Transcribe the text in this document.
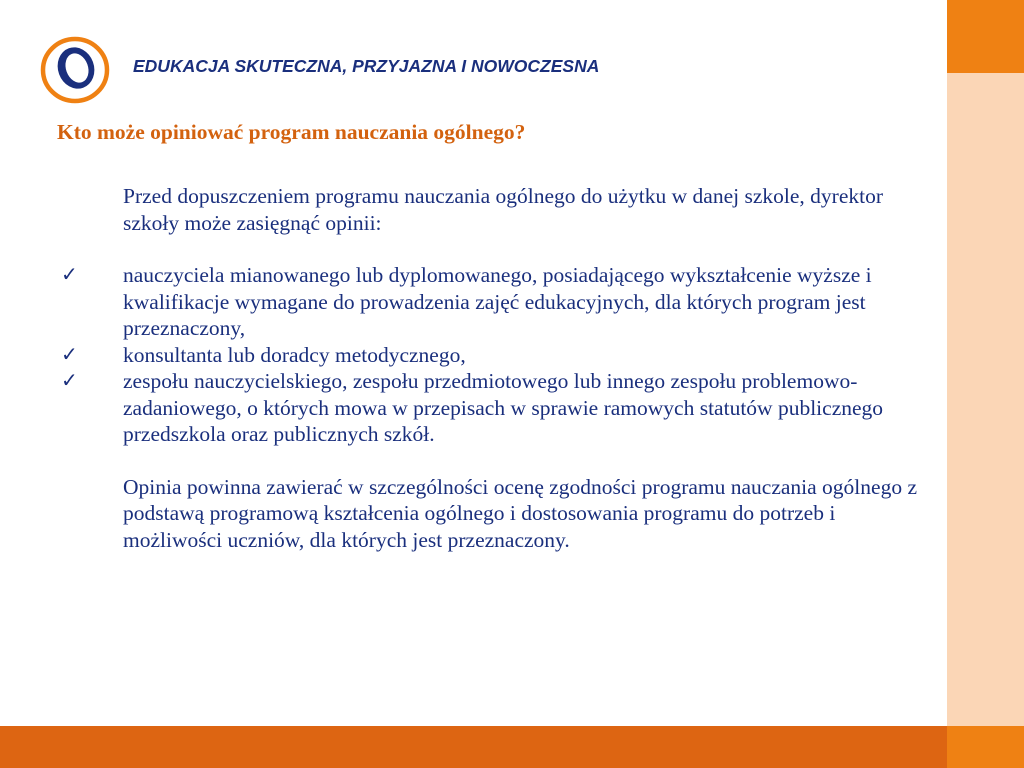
EDUKACJA SKUTECZNA, PRZYJAZNA I NOWOCZESNA
Kto może opiniować program nauczania ogólnego?

Przed dopuszczeniem programu nauczania ogólnego do użytku w danej szkole, dyrektor szkoły może zasięgnąć opinii:

✓ nauczyciela mianowanego lub dyplomowanego, posiadającego wykształcenie wyższe i kwalifikacje wymagane do prowadzenia zajęć edukacyjnych, dla których program jest przeznaczony,
✓ konsultanta lub doradcy metodycznego,
✓ zespołu nauczycielskiego, zespołu przedmiotowego lub innego zespołu problemowo-zadaniowego, o których mowa w przepisach w sprawie ramowych statutów publicznego przedszkola oraz publicznych szkół.

Opinia powinna zawierać w szczególności ocenę zgodności programu nauczania ogólnego z podstawą programową kształcenia ogólnego i dostosowania programu do potrzeb i możliwości uczniów, dla których jest przeznaczony.
